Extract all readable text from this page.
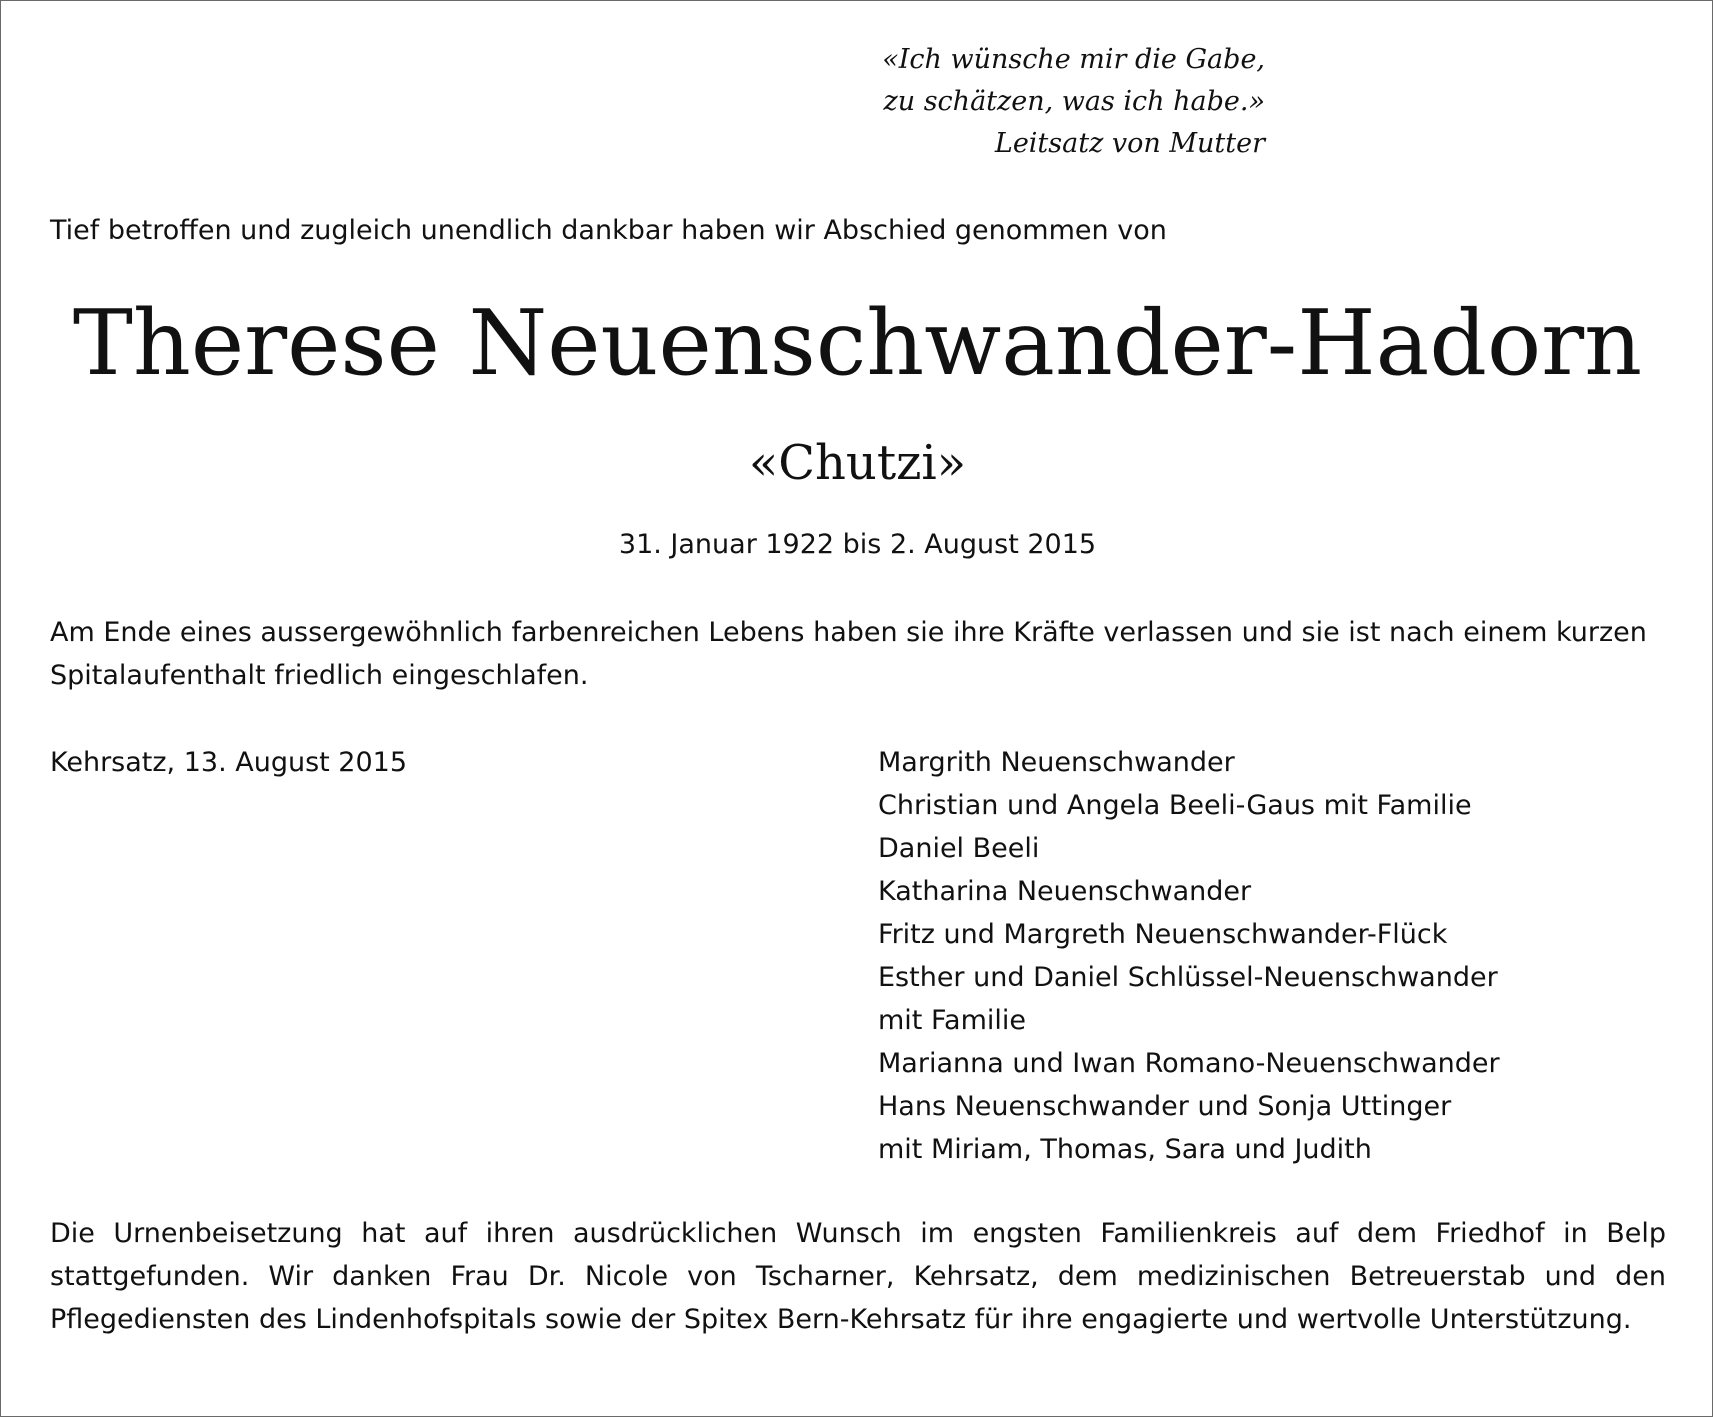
«Ich wünsche mir die Gabe,
zu schätzen, was ich habe.»
Leitsatz von Mutter
Tief betroffen und zugleich unendlich dankbar haben wir Abschied genommen von
Therese Neuenschwander-Hadorn
«Chutzi»
31. Januar 1922 bis 2. August 2015
Am Ende eines aussergewöhnlich farbenreichen Lebens haben sie ihre Kräfte verlassen und sie ist nach einem kurzen Spitalaufenthalt friedlich eingeschlafen.
Kehrsatz, 13. August 2015	Margrith Neuenschwander
Christian und Angela Beeli-Gaus mit Familie
Daniel Beeli
Katharina Neuenschwander
Fritz und Margreth Neuenschwander-Flück
Esther und Daniel Schlüssel-Neuenschwander
mit Familie
Marianna und Iwan Romano-Neuenschwander
Hans Neuenschwander und Sonja Uttinger
mit Miriam, Thomas, Sara und Judith
Die Urnenbeisetzung hat auf ihren ausdrücklichen Wunsch im engsten Familienkreis auf dem Friedhof in Belp stattgefunden. Wir danken Frau Dr. Nicole von Tscharner, Kehrsatz, dem medizinischen Betreuerstab und den Pflegediensten des Lindenhofspitals sowie der Spitex Bern-Kehrsatz für ihre engagierte und wertvolle Unterstützung.
